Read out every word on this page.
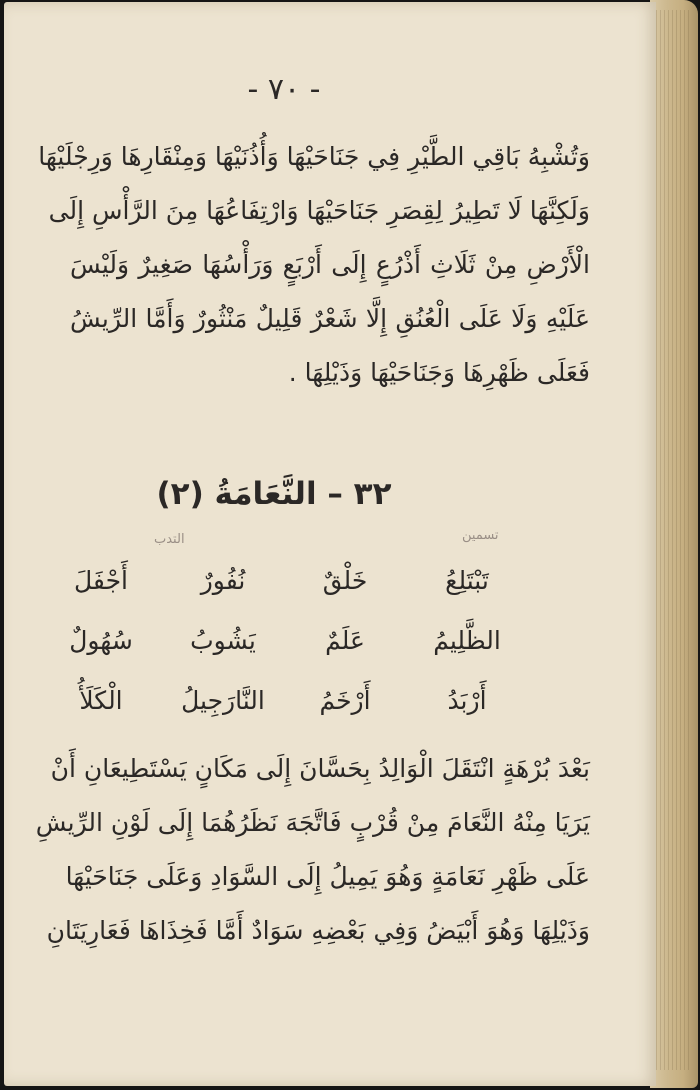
- ٧٠ -
وَتُشْبِهُ بَاقِي الطَّيْرِ فِي جَنَاحَيْهَا وَأُذُنَيْهَا وَمِنْقَارِهَا وَرِجْلَيْهَا
وَلَكِنَّهَا لَا تَطِيرُ لِقِصَرِ جَنَاحَيْهَا وَارْتِفَاعُهَا مِنَ الرَّأْسِ إِلَى
الْأَرْضِ مِنْ ثَلَاثِ أَذْرُعٍ إِلَى أَرْبَعٍ وَرَأْسُهَا صَغِيرٌ وَلَيْسَ
عَلَيْهِ وَلَا عَلَى الْعُنُقِ إِلَّا شَعْرٌ قَلِيلٌ مَنْثُورٌ وَأَمَّا الرِّيشُ
فَعَلَى ظَهْرِهَا وَجَنَاحَيْهَا وَذَيْلِهَا .
٣٢ – النَّعَامَةُ (٢)
تسمين
التدب
أَجْفَلَ	نُفُورٌ	خَلْقٌ	تَبْتَلِعُ
سُهُولٌ	يَشُوبُ	عَلَمٌ	الظَّلِيمُ
الْكَلَأُ	النَّارَجِيلُ	أَرْخَمُ	أَرْبَدُ
بَعْدَ بُرْهَةٍ انْتَقَلَ الْوَالِدُ بِحَسَّانَ إِلَى مَكَانٍ يَسْتَطِيعَانِ أَنْ
يَرَيَا مِنْهُ النَّعَامَ مِنْ قُرْبٍ فَاتَّجَهَ نَظَرُهُمَا إِلَى لَوْنِ الرِّيشِ
عَلَى ظَهْرِ نَعَامَةٍ وَهُوَ يَمِيلُ إِلَى السَّوَادِ وَعَلَى جَنَاحَيْهَا
وَذَيْلِهَا وَهُوَ أَبْيَضُ وَفِي بَعْضِهِ سَوَادٌ أَمَّا فَخِذَاهَا فَعَارِيَتَانِ
